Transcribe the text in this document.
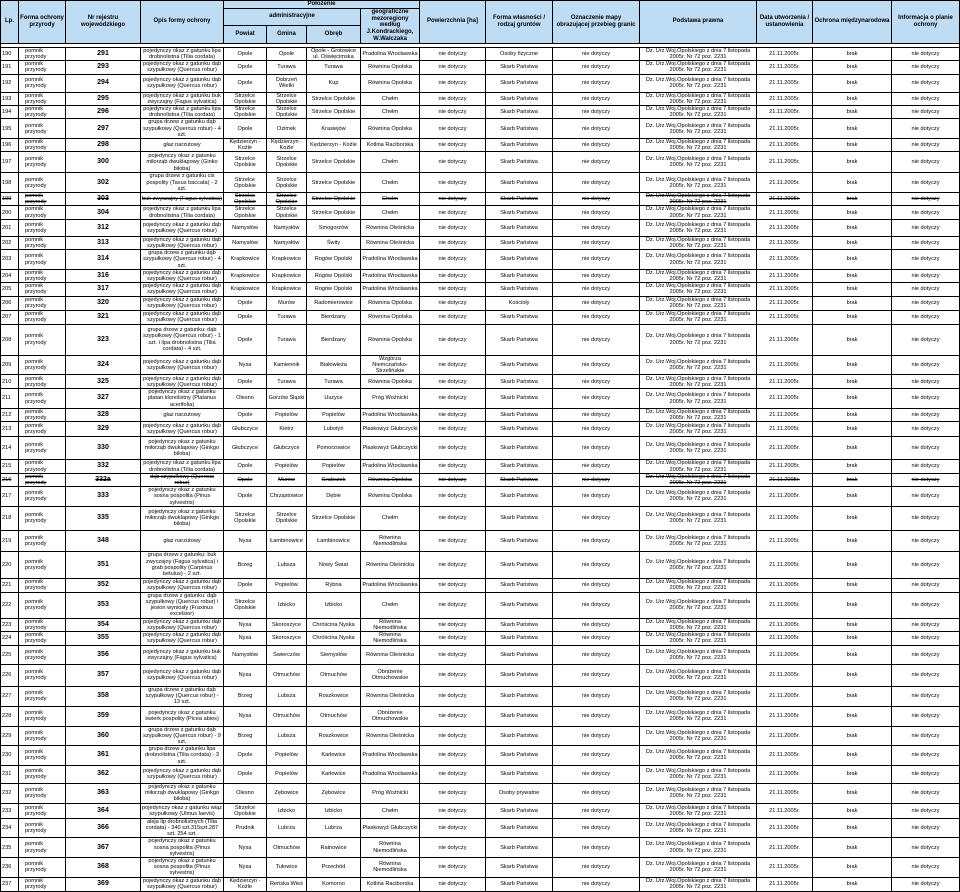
Lp.	Forma ochrony przyrody	Nr rejestru wojewódzkiego	Opis formy ochrony	Położenie				Powierzchnia [ha]	Forma własności / rodzaj gruntów	Oznaczenie mapy obrazującej przebieg granic	Podstawa prawna	Data utworzenia / ustanowienia	Ochrona międzynarodowa	Informacja o planie ochrony
				administracyjne			geograficzne mezoregiony według J.Kondrackiego, W.Walczaka							
				Powiat	Gmina	Obręb								

190	pomnik przyrody	291	pojedynczy okaz z gatunku lipa drobnolistna (Tilia cordata)	Opole	Opole	Opole - Grotowice ul. Oświęcimska	Pradolina Wrocławska	nie dotyczy	Osoby fizyczne	nie dotyczy	Dz. Urz.Woj.Opolskiego z dnia 7 listopada 2005r. Nr 72 poz. 2231	21.11.2005r.	brak	nie dotyczy
191	pomnik przyrody	293	pojedynczy okaz z gatunku dąb szypułkowy (Quercus robur)	Opole	Turawa	Turawa	Równina Opolska	nie dotyczy	Skarb Państwa	nie dotyczy	Dz. Urz.Woj.Opolskiego z dnia 7 listopada 2005r. Nr 72 poz. 2231	21.11.2005r.	brak	nie dotyczy
192	pomnik przyrody	294	pojedynczy okaz z gatunku dąb szypułkowy (Quercus robur)	Opole	Dobrzeń Wielki	Kup	Równina Opolska	nie dotyczy	Skarb Państwa	nie dotyczy	Dz. Urz.Woj.Opolskiego z dnia 7 listopada 2005r. Nr 72 poz. 2231	21.11.2005r.	brak	nie dotyczy
193	pomnik przyrody	295	pojedynczy okaz z gatunku buk zwyczajny (Fagus sylvatica)	Strzelce Opolskie	Strzelce Opolskie	Strzelce Opolskie	Chełm	nie dotyczy	Skarb Państwa	nie dotyczy	Dz. Urz.Woj.Opolskiego z dnia 7 listopada 2005r. Nr 72 poz. 2231	21.11.2005r.	brak	nie dotyczy
194	pomnik przyrody	296	pojedynczy okaz z gatunku lipa drobnolistna (Tilia cordata)	Strzelce Opolskie	Strzelce Opolskie	Strzelce Opolskie	Chełm	nie dotyczy	Skarb Państwa	nie dotyczy	Dz. Urz.Woj.Opolskiego z dnia 7 listopada 2005r. Nr 72 poz. 2231	21.11.2005r.	brak	nie dotyczy
195	pomnik przyrody	297	grupa drzew z gatunku dąb szypułkowy (Quercus robur) - 4 szt.	Opole	Ozimek	Krasiejów	Równina Opolska	nie dotyczy	Skarb Państwa	nie dotyczy	Dz. Urz.Woj.Opolskiego z dnia 7 listopada 2005r. Nr 72 poz. 2231	21.11.2005r.	brak	nie dotyczy
196	pomnik przyrody	298	głaz narzutowy	Kędzierzyn - Koźle	Kędzierzyn - Koźle	Kędzierzyn - Koźle	Kotlina Raciborska	nie dotyczy	Skarb Państwa	nie dotyczy	Dz. Urz.Woj.Opolskiego z dnia 7 listopada 2005r. Nr 72 poz. 2231	21.11.2005r.	brak	nie dotyczy
197	pomnik przyrody	300	pojedynczy okaz z gatunku miłorząb dwuklapowy (Ginko biloba)	Strzelce Opolskie	Strzelce Opolskie	Strzelce Opolskie	Chełm	nie dotyczy	Skarb Państwa	nie dotyczy	Dz. Urz.Woj.Opolskiego z dnia 7 listopada 2005r. Nr 72 poz. 2231	21.11.2005r.	brak	nie dotyczy
198	pomnik przyrody	302	grupa drzew z gatunku cis pospolity (Taxus baccata) - 2 szt.	Strzelce Opolskie	Strzelce Opolskie	Strzelce Opolskie	Chełm	nie dotyczy	Skarb Państwa	nie dotyczy	Dz. Urz.Woj.Opolskiego z dnia 7 listopada 2005r. Nr 72 poz. 2231	21.11.2005r.	brak	nie dotyczy
199	pomnik przyrody	303	buk zwyczajny (Fagus sylvatica)	Strzelce Opolskie	Strzelce Opolskie	Strzelce Opolskie	Chełm	nie dotyczy	Skarb Państwa	nie dotyczy	Dz. Urz.Woj.Opolskiego z dnia 7 listopada 2005r. Nr 72 poz. 2231	21.11.2005r.	brak	nie dotyczy
200	pomnik przyrody	304	pojedynczy okaz z gatunku lipa drobnolistna (Tilia cordata)	Strzelce Opolskie	Strzelce Opolskie	Strzelce Opolskie	Chełm	nie dotyczy	Skarb Państwa	nie dotyczy	Dz. Urz.Woj.Opolskiego z dnia 7 listopada 2005r. Nr 72 poz. 2231	21.11.2005r.	brak	nie dotyczy
201	pomnik przyrody	312	pojedynczy okaz z gatunku dąb szypułkowy (Quercus robur)	Namysłów	Namysłów	Smogorzów	Równina Oleśnicka	nie dotyczy	Skarb Państwa	nie dotyczy	Dz. Urz.Woj.Opolskiego z dnia 7 listopada 2005r. Nr 72 poz. 2231	21.11.2005r.	brak	nie dotyczy
202	pomnik przyrody	313	pojedynczy okaz z gatunku dąb szypułkowy (Quercus robur)	Namysłów	Namysłów	Świty	Równina Oleśnicka	nie dotyczy	Skarb Państwa	nie dotyczy	Dz. Urz.Woj.Opolskiego z dnia 7 listopada 2005r. Nr 72 poz. 2231	21.11.2005r.	brak	nie dotyczy
203	pomnik przyrody	314	grupa drzew z gatunku dąb szypułkowy (Quercus robur) - 4 szt.	Krapkowice	Krapkowice	Rogów Opolski	Pradolina Wrocławska	nie dotyczy	Skarb Państwa	nie dotyczy	Dz. Urz.Woj.Opolskiego z dnia 7 listopada 2005r. Nr 72 poz. 2231	21.11.2005r.	brak	nie dotyczy
204	pomnik przyrody	316	pojedynczy okaz z gatunku dąb szypułkowy (Quercus robur)	Krapkowice	Krapkowice	Rogów Opolski	Pradolina Wrocławska	nie dotyczy	Skarb Państwa	nie dotyczy	Dz. Urz.Woj.Opolskiego z dnia 7 listopada 2005r. Nr 72 poz. 2231	21.11.2005r.	brak	nie dotyczy
205	pomnik przyrody	317	pojedynczy okaz z gatunku dąb szypułkowy (Quercus robur)	Krapkowice	Krapkowice	Rogów Opolski	Pradolina Wrocławska	nie dotyczy	Skarb Państwa	nie dotyczy	Dz. Urz.Woj.Opolskiego z dnia 7 listopada 2005r. Nr 72 poz. 2231	21.11.2005r.	brak	nie dotyczy
206	pomnik przyrody	320	pojedynczy okaz z gatunku dąb szypułkowy (Quercus robur)	Opole	Murów	Radomierowice	Równina Opolska	nie dotyczy	Kościoły	nie dotyczy	Dz. Urz.Woj.Opolskiego z dnia 7 listopada 2005r. Nr 72 poz. 2231	21.11.2005r.	brak	nie dotyczy
207	pomnik przyrody	321	pojedynczy okaz z gatunku dąb szypułkowy (Quercus robur)	Opole	Turawa	Bierdzany	Równina Opolska	nie dotyczy	Skarb Państwa	nie dotyczy	Dz. Urz.Woj.Opolskiego z dnia 7 listopada 2005r. Nr 72 poz. 2231	21.11.2005r.	brak	nie dotyczy
208	pomnik przyrody	323	grupa drzew z gatunku: dąb szypułkowy (Quercus robur) - 1 szt. i lipa drobnolistna (Tilia cordata) - 4 szt.	Opole	Turawa	Bierdzany	Równina Opolska	nie dotyczy	Skarb Państwa	nie dotyczy	Dz. Urz.Woj.Opolskiego z dnia 7 listopada 2005r. Nr 72 poz. 2231	21.11.2005r.	brak	nie dotyczy
209	pomnik przyrody	324	pojedynczy okaz z gatunku dąb szypułkowy (Quercus robur)	Nysa	Kamiennik	Białowieża	Wzgórza Niemczańsko-Strzelińskie	nie dotyczy	Skarb Państwa	nie dotyczy	Dz. Urz.Woj.Opolskiego z dnia 7 listopada 2005r. Nr 72 poz. 2231	21.11.2005r.	brak	nie dotyczy
210	pomnik przyrody	325	pojedynczy okaz z gatunku dąb szypułkowy (Quercus robur)	Opole	Turawa	Turawa	Równina Opolska	nie dotyczy	Skarb Państwa	nie dotyczy	Dz. Urz.Woj.Opolskiego z dnia 7 listopada 2005r. Nr 72 poz. 2231	21.11.2005r.	brak	nie dotyczy
211	pomnik przyrody	327	pojedynczy okaz z gatunku platan klonolistny (Platanus acerifolia)	Olesno	Gorzów Śląski	Uszyce	Próg Woźnicki	nie dotyczy	Skarb Państwa	nie dotyczy	Dz. Urz.Woj.Opolskiego z dnia 7 listopada 2005r. Nr 72 poz. 2231	21.11.2005r.	brak	nie dotyczy
212	pomnik przyrody	328	głaz narzutowy	Opole	Popielów	Popielów	Pradolina Wrocławska	nie dotyczy	Skarb Państwa	nie dotyczy	Dz. Urz.Woj.Opolskiego z dnia 7 listopada 2005r. Nr 72 poz. 2231	21.11.2005r.	brak	nie dotyczy
213	pomnik przyrody	329	pojedynczy okaz z gatunku dąb szypułkowy (Quercus robur)	Głubczyce	Kietrz	Lubotyń	Płaskowyż Głubczycki	nie dotyczy	Skarb Państwa	nie dotyczy	Dz. Urz.Woj.Opolskiego z dnia 7 listopada 2005r. Nr 72 poz. 2231	21.11.2005r.	brak	nie dotyczy
214	pomnik przyrody	330	pojedynczy okaz z gatunku miłorząb dwuklapowy (Ginkgo biloba)	Głubczyce	Głubczyce	Pomorzowice	Płaskowyż Głubczycki	nie dotyczy	Skarb Państwa	nie dotyczy	Dz. Urz.Woj.Opolskiego z dnia 7 listopada 2005r. Nr 72 poz. 2231	21.11.2005r.	brak	nie dotyczy
215	pomnik przyrody	332	pojedynczy okaz z gatunku lipa drobnolistna (Tilia cordata)	Opole	Popielów	Popielów	Pradolina Wrocławska	nie dotyczy	Skarb Państwa	nie dotyczy	Dz. Urz.Woj.Opolskiego z dnia 7 listopada 2005r. Nr 72 poz. 2231	21.11.2005r.	brak	nie dotyczy
216	pomnik przyrody	332a	dąb szypułkowy (Quercus robur)	Opole	Murów	Grabczok	Równina Opolska	nie dotyczy	Skarb Państwa	nie dotyczy	Dz. Urz.Woj.Opolskiego z dnia 7 listopada 2005r. Nr 72 poz. 2231	21.11.2005r.	brak	nie dotyczy
217	pomnik przyrody	333	pojedynczy okaz z gatunku sosna pospolita (Pinus sylvestris)	Opole	Chrząstowice	Dębie	Równina Opolska	nie dotyczy	Skarb Państwa	nie dotyczy	Dz. Urz.Woj.Opolskiego z dnia 7 listopada 2005r. Nr 72 poz. 2231	21.11.2005r.	brak	nie dotyczy
218	pomnik przyrody	335	pojedynczy okaz z gatunku miłorząb dwuklapowy (Ginkgo biloba)	Strzelce Opolskie	Strzelce Opolskie	Strzelce Opolskie	Chełm	nie dotyczy	Skarb Państwa	nie dotyczy	Dz. Urz.Woj.Opolskiego z dnia 7 listopada 2005r. Nr 72 poz. 2231	21.11.2005r.	brak	nie dotyczy
219	pomnik przyrody	348	głaz narzutowy	Nysa	Łambinowice	Łambinowice	Równina Niemodlińska	nie dotyczy	Skarb Państwa	nie dotyczy	Dz. Urz.Woj.Opolskiego z dnia 7 listopada 2005r. Nr 72 poz. 2231	21.11.2005r.	brak	nie dotyczy
220	pomnik przyrody	351	grupa drzew z gatunku: buk zwyczajny (Fagus sylvatica) i grab pospolity (Carpinus betulus) - 2 szt.	Brzeg	Lubsza	Nowy Świat	Równina Oleśnicka	nie dotyczy	Skarb Państwa	nie dotyczy	Dz. Urz.Woj.Opolskiego z dnia 7 listopada 2005r. Nr 72 poz. 2231	21.11.2005r.	brak	nie dotyczy
221	pomnik przyrody	352	pojedynczy okaz z gatunku dąb szypułkowy (Quercus robur)	Opole	Popielów	Rybna	Pradolina Wrocławska	nie dotyczy	Skarb Państwa	nie dotyczy	Dz. Urz.Woj.Opolskiego z dnia 7 listopada 2005r. Nr 72 poz. 2231	21.11.2005r.	brak	nie dotyczy
222	pomnik przyrody	353	grupa drzew z gatunku: dąb szypułkowy (Quercus robur) i jesion wyniosły (Fraxinus excelsior)	Strzelce Opolskie	Izbicko	Izbicko	Chełm	nie dotyczy	Skarb Państwa	nie dotyczy	Dz. Urz.Woj.Opolskiego z dnia 7 listopada 2005r. Nr 72 poz. 2231	21.11.2005r.	brak	nie dotyczy
223	pomnik przyrody	354	pojedynczy okaz z gatunku dąb szypułkowy (Quercus robur)	Nysa	Skoroszyce	Chróścina Nyska	Równina Niemodlińska	nie dotyczy	Skarb Państwa	nie dotyczy	Dz. Urz.Woj.Opolskiego z dnia 7 listopada 2005r. Nr 72 poz. 2231	21.11.2005r.	brak	nie dotyczy
224	pomnik przyrody	355	pojedynczy okaz z gatunku dąb szypułkowy (Quercus robur)	Nysa	Skoroszyce	Chróścina Nyska	Równina Niemodlińska	nie dotyczy	Skarb Państwa	nie dotyczy	Dz. Urz.Woj.Opolskiego z dnia 7 listopada 2005r. Nr 72 poz. 2231	21.11.2005r.	brak	nie dotyczy
225	pomnik przyrody	356	pojedynczy okaz z gatunku buk zwyczajny (Fagus sylvatica)	Namysłów	Świerczów	Siemysłów	Równina Oleśnicka	nie dotyczy	Skarb Państwa	nie dotyczy	Dz. Urz.Woj.Opolskiego z dnia 7 listopada 2005r. Nr 72 poz. 2231	21.11.2005r.	brak	nie dotyczy
226	pomnik przyrody	357	pojedynczy okaz z gatunku dąb szypułkowy (Quercus robur)	Nysa	Otmuchów	Otmuchów	Obniżenie Otmuchowskie	nie dotyczy	Skarb Państwa	nie dotyczy	Dz. Urz.Woj.Opolskiego z dnia 7 listopada 2005r. Nr 72 poz. 2231	21.11.2005r.	brak	nie dotyczy
227	pomnik przyrody	358	grupa drzew z gatunku dąb szypułkowy (Quercus robur) - 13 szt.	Brzeg	Lubsza	Roszkowice	Równina Oleśnicka	nie dotyczy	Skarb Państwa	nie dotyczy	Dz. Urz.Woj.Opolskiego z dnia 7 listopada 2005r. Nr 72 poz. 2231	21.11.2005r.	brak	nie dotyczy
228	pomnik przyrody	359	pojedynczy okaz z gatunku świerk pospolity (Picea abies)	Nysa	Otmuchów	Otmuchów	Obniżenie Otmuchowskie	nie dotyczy	Skarb Państwa	nie dotyczy	Dz. Urz.Woj.Opolskiego z dnia 7 listopada 2005r. Nr 72 poz. 2231	21.11.2005r.	brak	nie dotyczy
229	pomnik przyrody	360	grupa drzew z gatunku dąb szypułkowy (Quercus robur) - 9 szt.	Brzeg	Lubsza	Roszkowice	Równina Oleśnicka	nie dotyczy	Skarb Państwa	nie dotyczy	Dz. Urz.Woj.Opolskiego z dnia 7 listopada 2005r. Nr 72 poz. 2231	21.11.2005r.	brak	nie dotyczy
230	pomnik przyrody	361	grupa drzew z gatunku lipa drobnolistna (Tilia cordata) - 3 szt.	Opole	Popielów	Karłowice	Pradolina Wrocławska	nie dotyczy	Skarb Państwa	nie dotyczy	Dz. Urz.Woj.Opolskiego z dnia 7 listopada 2005r. Nr 72 poz. 2231	21.11.2005r.	brak	nie dotyczy
231	pomnik przyrody	362	pojedynczy okaz z gatunku dąb szypułkowy (Quercus robur)	Opole	Popielów	Karłowice	Pradolina Wrocławska	nie dotyczy	Skarb Państwa	nie dotyczy	Dz. Urz.Woj.Opolskiego z dnia 7 listopada 2005r. Nr 72 poz. 2231	21.11.2005r.	brak	nie dotyczy
232	pomnik przyrody	363	pojedynczy okaz z gatunku miłorząb dwuklapowy (Ginkgo biloba)	Olesno	Zębowice	Zębowice	Próg Woźnicki	nie dotyczy	Osoby prywatne	nie dotyczy	Dz. Urz.Woj.Opolskiego z dnia 7 listopada 2005r. Nr 72 poz. 2231	21.11.2005r.	brak	nie dotyczy
233	pomnik przyrody	364	pojedynczy okaz z gatunku wiąz szypułkowy (Ulmus laevis)	Strzelce Opolskie	Izbicko	Izbicko	Chełm	nie dotyczy	Skarb Państwa	nie dotyczy	Dz. Urz.Woj.Opolskiego z dnia 7 listopada 2005r. Nr 72 poz. 2231	21.11.2005r.	brak	nie dotyczy
234	pomnik przyrody	366	aleja lip drobnolistnych (Tilia cordata) - 340 szt.315szt.287 szt. 254 szt.	Prudnik	Lubrza	Lubrza	Płaskowyż Głubczycki	nie dotyczy	Skarb Państwa	nie dotyczy	Dz. Urz.Woj.Opolskiego z dnia 7 listopada 2005r. Nr 72 poz. 2231	21.11.2005r.	brak	nie dotyczy
235	pomnik przyrody	367	pojedynczy okaz z gatunku sosna pospolita (Pinus sylvestris)	Nysa	Otmuchów	Ratnowice	Równina Niemodlińska	nie dotyczy	Skarb Państwa	nie dotyczy	Dz. Urz.Woj.Opolskiego z dnia 7 listopada 2005r. Nr 72 poz. 2231	21.11.2005r.	brak	nie dotyczy
236	pomnik przyrody	368	pojedynczy okaz z gatunku sosna pospolita (Pinus sylvestris)	Nysa	Tułowice	Przechód	Równina Niemodlińska	nie dotyczy	Skarb Państwa	nie dotyczy	Dz. Urz.Woj.Opolskiego z dnia 7 listopada 2005r. Nr 72 poz. 2231	21.11.2005r.	brak	nie dotyczy
237	pomnik przyrody	369	pojedynczy okaz z gatunku dąb szypułkowy (Quercus robur)	Kędzierzyn - Koźle	Reńska Wieś	Komorno	Kotlina Raciborska	nie dotyczy	Skarb Państwa	nie dotyczy	Dz. Urz.Woj.Opolskiego z dnia 7 listopada 2005r. Nr 72 poz. 2231	21.11.2005r.	brak	nie dotyczy
